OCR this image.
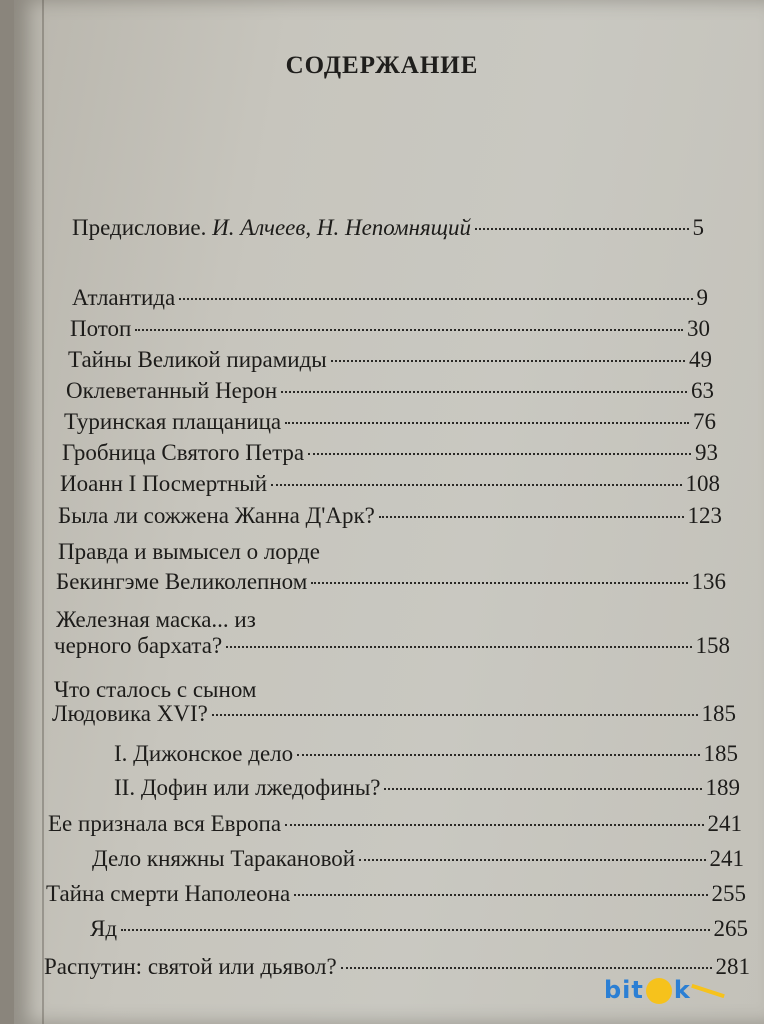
СОДЕРЖАНИЕ
Предисловие. И. Алчеев, Н. Непомнящий	5
Атлантида	9
Потоп	30
Тайны Великой пирамиды	49
Оклеветанный Нерон	63
Туринская плащаница	76
Гробница Святого Петра	93
Иоанн I Посмертный	108
Была ли сожжена Жанна Д'Арк?	123
Правда и вымысел о лорде
Бекингэме Великолепном	136
Железная маска... из
черного бархата?	158
Что сталось с сыном
Людовика XVI?	185
I. Дижонское дело	185
II. Дофин или лжедофины?	189
Ее признала вся Европа	241
Дело княжны Таракановой	241
Тайна смерти Наполеона	255
Яд	265
Распутин: святой или дьявол?	281
bit k
